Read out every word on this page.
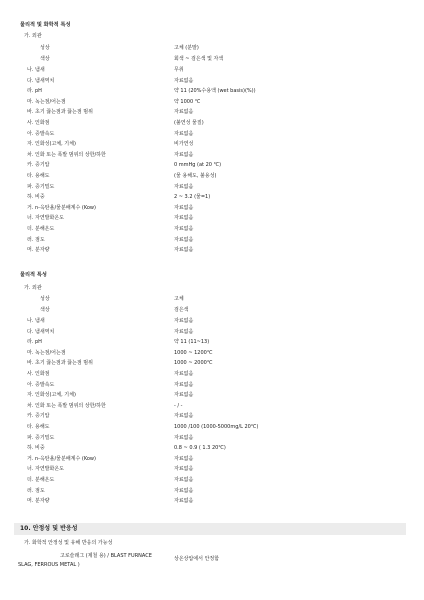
물리적 및 화학적 특성
가. 외관
성상	고체 (분말)
색상	회색 ~ 검은색 및 자색
나. 냄새	무취
다. 냄새역치	자료없음
라. pH	약 11 (20%수용액 (wet basis)(%))
마. 녹는점/어는점	약 1000 ℃
바. 초기 끓는점과 끓는점 범위	자료없음
사. 인화점	(불연성 물질)
아. 증발속도	자료없음
자. 인화성(고체, 기체)	비가연성
차. 인화 또는 폭발 범위의 상한/하한	자료없음
카. 증기압	0 mmHg (at 20 ℃)
타. 용해도	(물 용해도, 불용성)
파. 증기밀도	자료없음
하. 비중	2 ~ 3.2 (물=1)
거. n-옥탄올/물분배계수 (Kow)	자료없음
너. 자연발화온도	자료없음
더. 분해온도	자료없음
러. 점도	자료없음
머. 분자량	자료없음
물리적 특성
가. 외관
성상	고체
색상	검은색
나. 냄새	자료없음
다. 냄새역치	자료없음
라. pH	약 11 (11~13)
마. 녹는점/어는점	1000 ~ 1200℃
바. 초기 끓는점과 끓는점 범위	1000 ~ 2000℃
사. 인화점	자료없음
아. 증발속도	자료없음
자. 인화성(고체, 기체)	자료없음
차. 인화 또는 폭발 범위의 상한/하한	- / -
카. 증기압	자료없음
타. 용해도	1000 /100 (1000-5000mg/L 20℃)
파. 증기밀도	자료없음
하. 비중	0.8 ~ 0.9 ( 1.3 20℃)
거. n-옥탄올/물분배계수 (Kow)	자료없음
너. 자연발화온도	자료없음
더. 분해온도	자료없음
러. 점도	자료없음
머. 분자량	자료없음
10. 안정성 및 반응성
가. 화학적 안정성 및 유해 반응의 가능성
고로슬래그 (제철 용) / BLAST FURNACE	상온상압에서 안정함
SLAG, FERROUS METAL )
